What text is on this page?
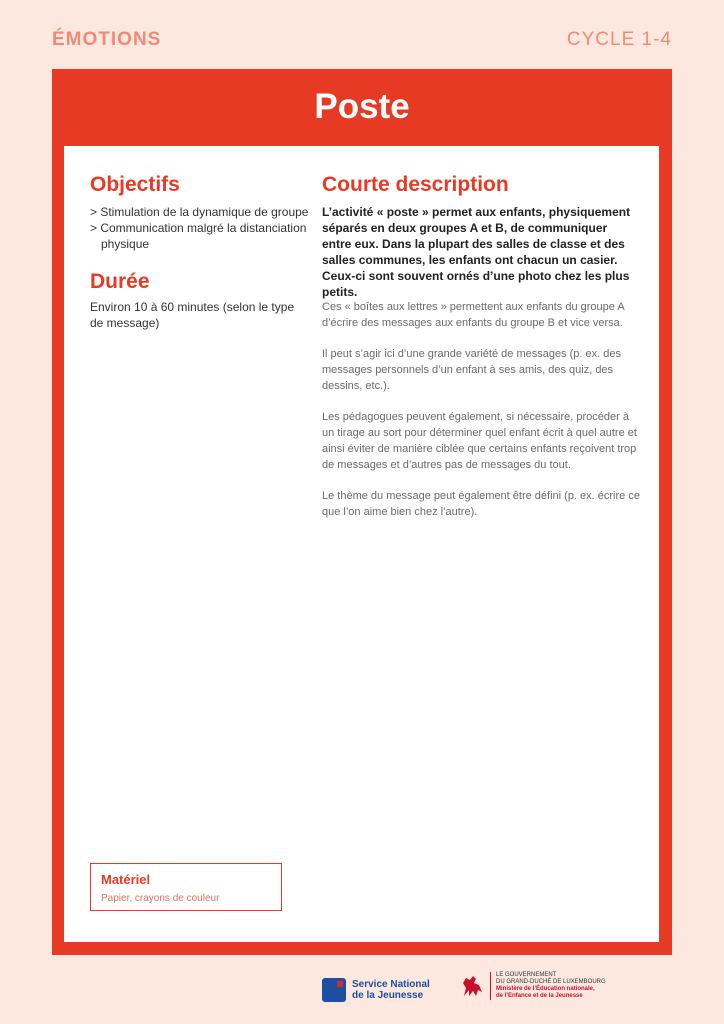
ÉMOTIONS	CYCLE 1-4
Poste
Objectifs
> Stimulation de la dynamique de groupe
> Communication malgré la distanciation physique
Durée

Environ 10 à 60 minutes (selon le type de message)

Courte description

L’activité « poste » permet aux enfants, physiquement séparés en deux groupes A et B, de communiquer entre eux. Dans la plupart des salles de classe et des salles communes, les enfants ont chacun un casier. Ceux-ci sont souvent ornés d’une photo chez les plus petits.

Ces « boîtes aux lettres » permettent aux enfants du groupe A d’écrire des messages aux enfants du groupe B et vice versa.

Il peut s’agir ici d’une grande variété de messages (p. ex. des messages personnels d’un enfant à ses amis, des quiz, des dessins, etc.).

Les pédagogues peuvent également, si nécessaire, procéder à un tirage au sort pour déterminer quel enfant écrit à quel autre et ainsi éviter de manière ciblée que certains enfants reçoivent trop de messages et d’autres pas de messages du tout.

Le thème du message peut également être défini (p. ex. écrire ce que l’on aime bien chez l’autre).

Matériel
Papier, crayons de couleur
Service National
de la Jeunesse
LE GOUVERNEMENT
DU GRAND-DUCHÉ DE LUXEMBOURG
Ministère de l’Éducation nationale,
de l’Enfance et de la Jeunesse
